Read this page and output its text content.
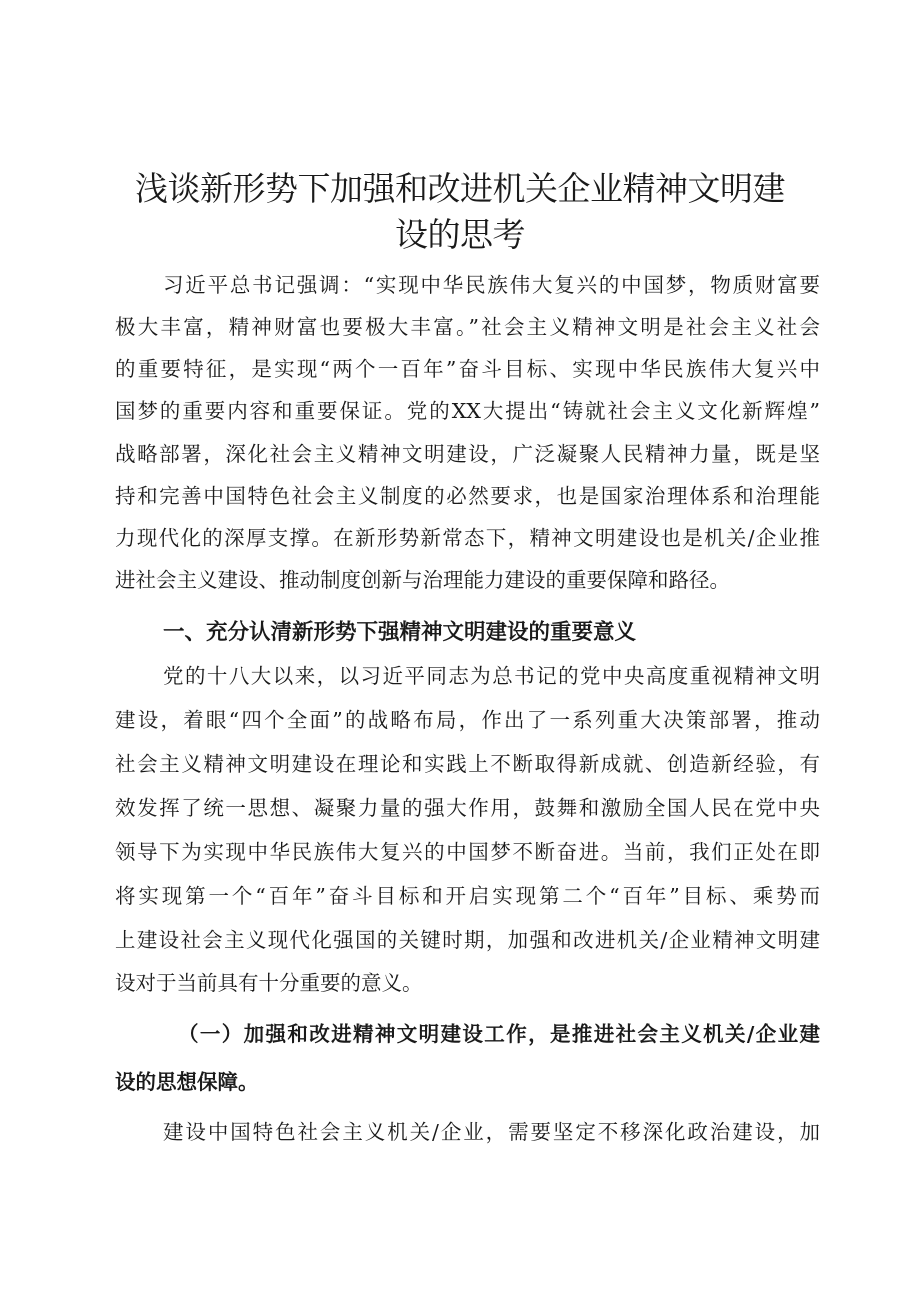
浅谈新形势下加强和改进机关企业精神文明建
设的思考

习近平总书记强调：“实现中华民族伟大复兴的中国梦，物质财富要

极大丰富，精神财富也要极大丰富。”社会主义精神文明是社会主义社会

的重要特征，是实现“两个一百年”奋斗目标、实现中华民族伟大复兴中

国梦的重要内容和重要保证。党的XX大提出“铸就社会主义文化新辉煌”

战略部署，深化社会主义精神文明建设，广泛凝聚人民精神力量，既是坚

持和完善中国特色社会主义制度的必然要求，也是国家治理体系和治理能

力现代化的深厚支撑。在新形势新常态下，精神文明建设也是机关/企业推

进社会主义建设、推动制度创新与治理能力建设的重要保障和路径。

一、充分认清新形势下强精神文明建设的重要意义

党的十八大以来，以习近平同志为总书记的党中央高度重视精神文明

建设，着眼“四个全面”的战略布局，作出了一系列重大决策部署，推动

社会主义精神文明建设在理论和实践上不断取得新成就、创造新经验，有

效发挥了统一思想、凝聚力量的强大作用，鼓舞和激励全国人民在党中央

领导下为实现中华民族伟大复兴的中国梦不断奋进。当前，我们正处在即

将实现第一个“百年”奋斗目标和开启实现第二个“百年”目标、乘势而

上建设社会主义现代化强国的关键时期，加强和改进机关/企业精神文明建

设对于当前具有十分重要的意义。

（一）加强和改进精神文明建设工作，是推进社会主义机关/企业建
设的思想保障。

建设中国特色社会主义机关/企业，需要坚定不移深化政治建设，加
